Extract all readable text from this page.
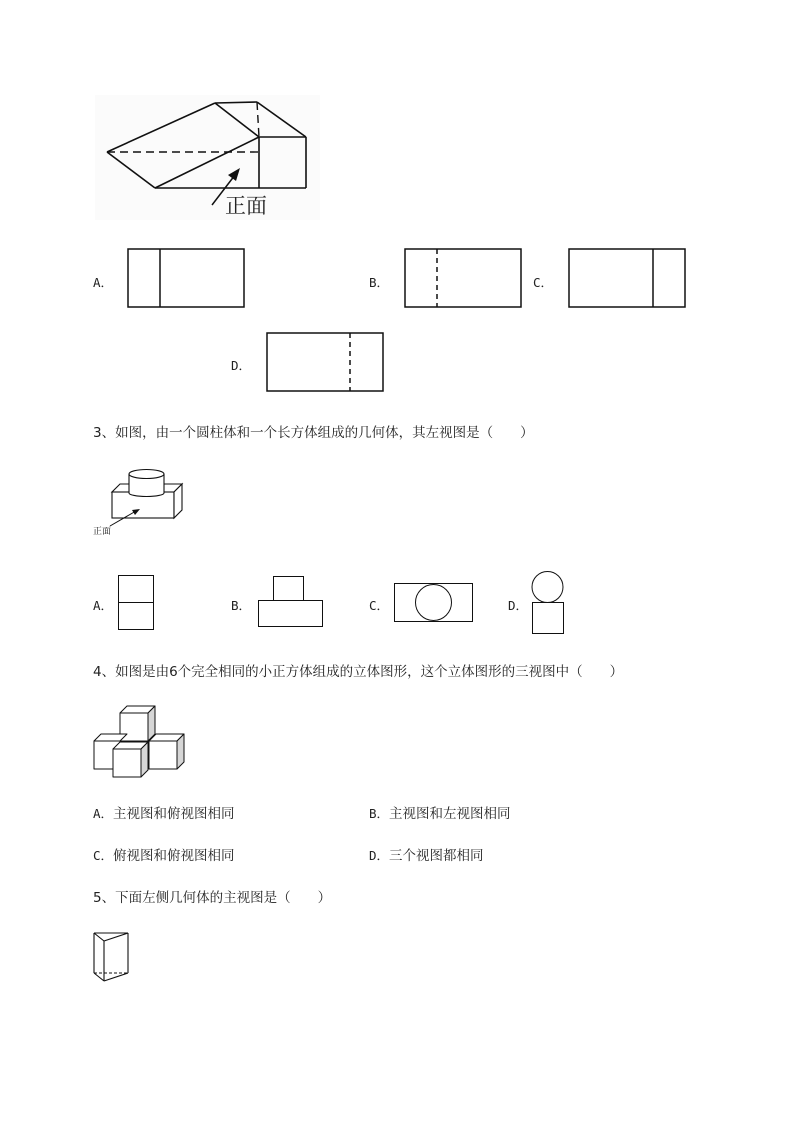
正面
A．	B．	C．
D．
3、如图，由一个圆柱体和一个长方体组成的几何体，其左视图是（　　）
正面
A．	B．	C．	D．
4、如图是由6个完全相同的小正方体组成的立体图形，这个立体图形的三视图中（　　）
A．主视图和俯视图相同	B．主视图和左视图相同
C．俯视图和俯视图相同	D．三个视图都相同
5、下面左侧几何体的主视图是（　　）
